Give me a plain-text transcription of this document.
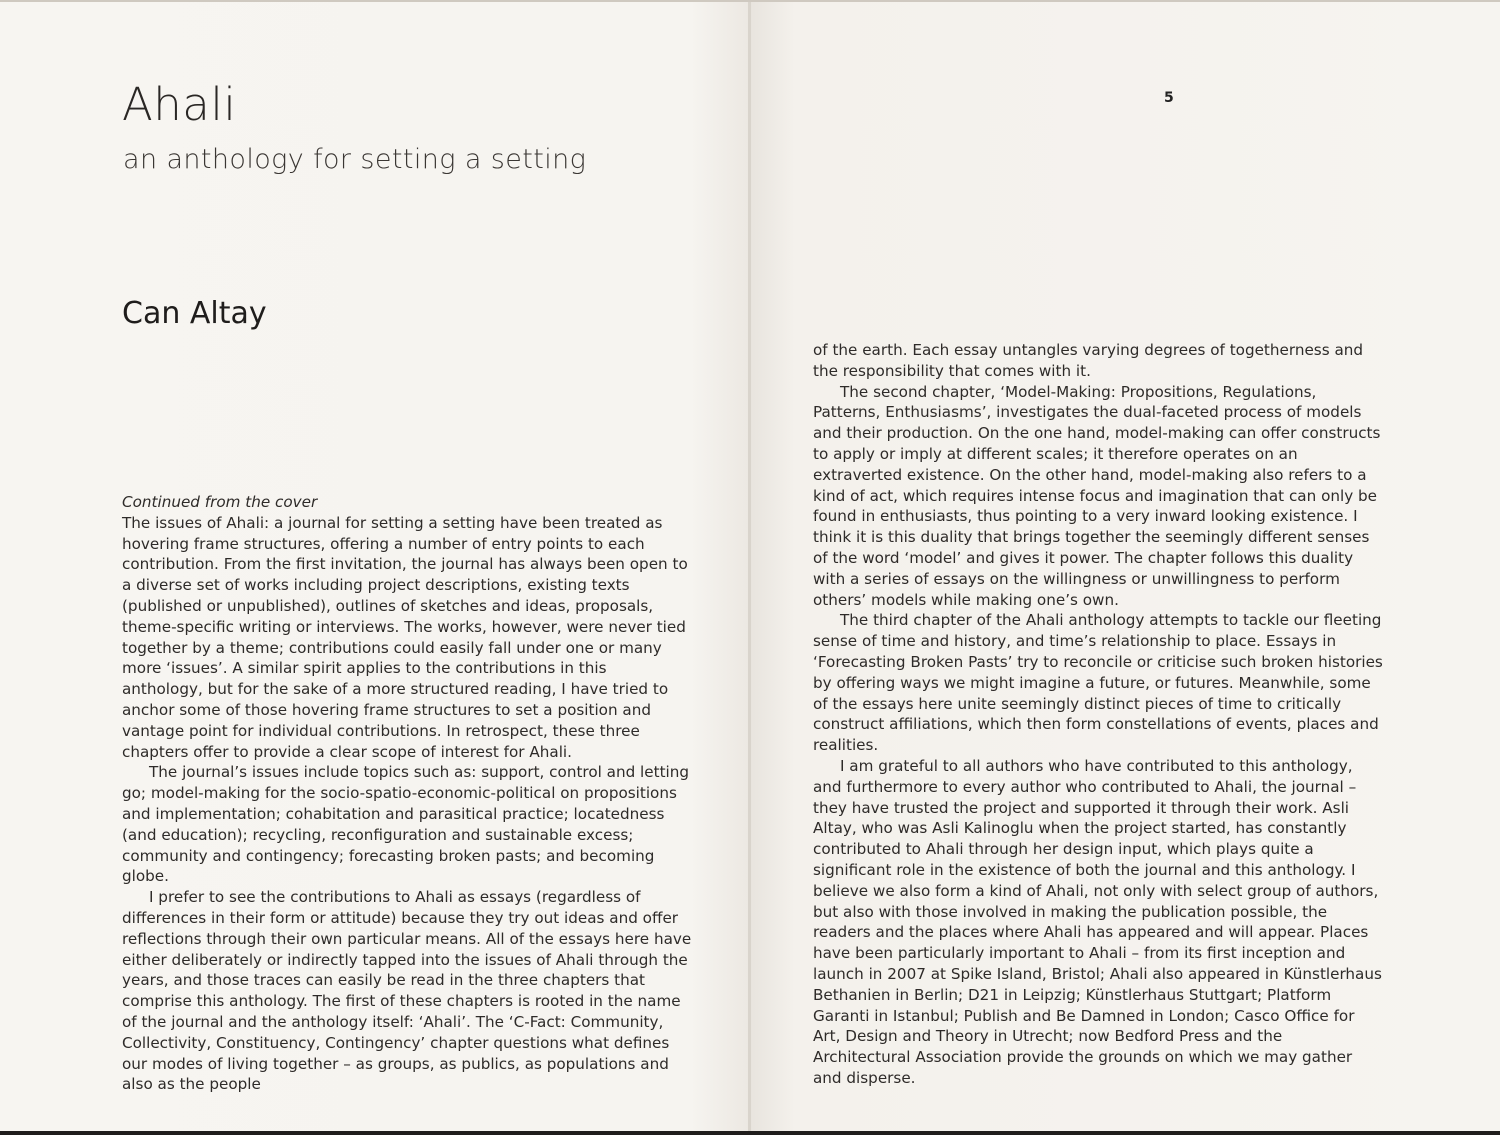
Ahali
an anthology for setting a setting
Can Altay
5

Continued from the cover

The issues of Ahali: a journal for setting a setting have been treated as hovering frame structures, offering a number of entry points to each contribution. From the first invitation, the journal has always been open to a diverse set of works including project descriptions, existing texts (published or unpublished), outlines of sketches and ideas, proposals, theme-specific writing or interviews. The works, however, were never tied together by a theme; contributions could easily fall under one or many more ‘issues’. A similar spirit applies to the contributions in this anthology, but for the sake of a more structured reading, I have tried to anchor some of those hovering frame structures to set a position and vantage point for individual contributions. In retrospect, these three chapters offer to provide a clear scope of interest for Ahali.

The journal’s issues include topics such as: support, control and letting go; model-making for the socio-spatio-economic-political on propositions and implementation; cohabitation and parasitical practice; locatedness (and education); recycling, reconfiguration and sustainable excess; community and contingency; forecasting broken pasts; and becoming globe.

I prefer to see the contributions to Ahali as essays (regardless of differences in their form or attitude) because they try out ideas and offer reflections through their own particular means. All of the essays here have either deliberately or indirectly tapped into the issues of Ahali through the years, and those traces can easily be read in the three chapters that comprise this anthology. The first of these chapters is rooted in the name of the journal and the anthology itself: ‘Ahali’. The ‘C-Fact: Community, Collectivity, Constituency, Contingency’ chapter questions what defines our modes of living together – as groups, as publics, as populations and also as the people

of the earth. Each essay untangles varying degrees of togetherness and the responsibility that comes with it.

The second chapter, ‘Model-Making: Propositions, Regulations, Patterns, Enthusiasms’, investigates the dual-faceted process of models and their production. On the one hand, model-making can offer constructs to apply or imply at different scales; it therefore operates on an extraverted existence. On the other hand, model-making also refers to a kind of act, which requires intense focus and imagination that can only be found in enthusiasts, thus pointing to a very inward looking existence. I think it is this duality that brings together the seemingly different senses of the word ‘model’ and gives it power. The chapter follows this duality with a series of essays on the willingness or unwillingness to perform others’ models while making one’s own.

The third chapter of the Ahali anthology attempts to tackle our fleeting sense of time and history, and time’s relationship to place. Essays in ‘Forecasting Broken Pasts’ try to reconcile or criticise such broken histories by offering ways we might imagine a future, or futures. Meanwhile, some of the essays here unite seemingly distinct pieces of time to critically construct affiliations, which then form constellations of events, places and realities.

I am grateful to all authors who have contributed to this anthology, and furthermore to every author who contributed to Ahali, the journal – they have trusted the project and supported it through their work. Asli Altay, who was Asli Kalinoglu when the project started, has constantly contributed to Ahali through her design input, which plays quite a significant role in the existence of both the journal and this anthology. I believe we also form a kind of Ahali, not only with select group of authors, but also with those involved in making the publication possible, the readers and the places where Ahali has appeared and will appear. Places have been particularly important to Ahali – from its first inception and launch in 2007 at Spike Island, Bristol; Ahali also appeared in Künstlerhaus Bethanien in Berlin; D21 in Leipzig; Künstlerhaus Stuttgart; Platform Garanti in Istanbul; Publish and Be Damned in London; Casco Office for Art, Design and Theory in Utrecht; now Bedford Press and the Architectural Association provide the grounds on which we may gather and disperse.
